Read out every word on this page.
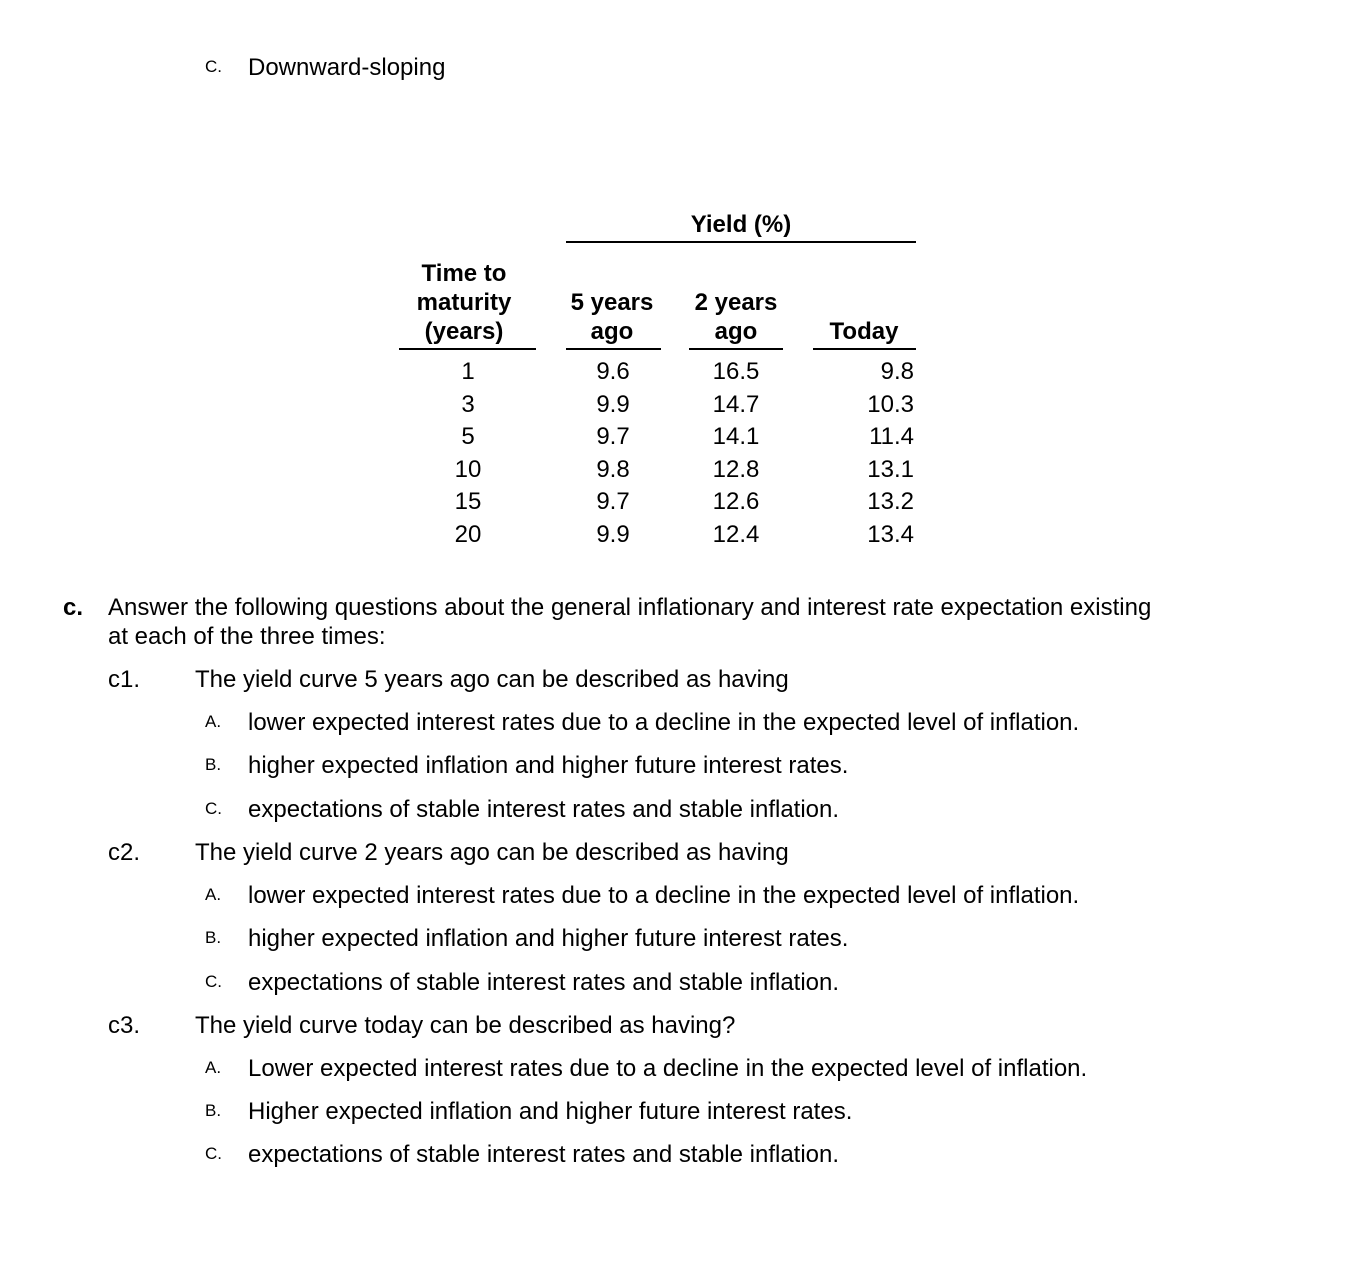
C. Downward-sloping
Yield (%)
Time to
maturity
(years)
5 years
ago
2 years
ago	Today
1
3
5
10
15
20
9.6
9.9
9.7
9.8
9.7
9.9
16.5
14.7
14.1
12.8
12.6
12.4
9.8
10.3
11.4
13.1
13.2
13.4
c. Answer the following questions about the general inflationary and interest rate expectation existing
at each of the three times:
c1. The yield curve 5 years ago can be described as having
A. lower expected interest rates due to a decline in the expected level of inflation.
B. higher expected inflation and higher future interest rates.
C. expectations of stable interest rates and stable inflation.
c2. The yield curve 2 years ago can be described as having
A. lower expected interest rates due to a decline in the expected level of inflation.
B. higher expected inflation and higher future interest rates.
C. expectations of stable interest rates and stable inflation.
c3. The yield curve today can be described as having?
A. Lower expected interest rates due to a decline in the expected level of inflation.
B. Higher expected inflation and higher future interest rates.
C. expectations of stable interest rates and stable inflation.
